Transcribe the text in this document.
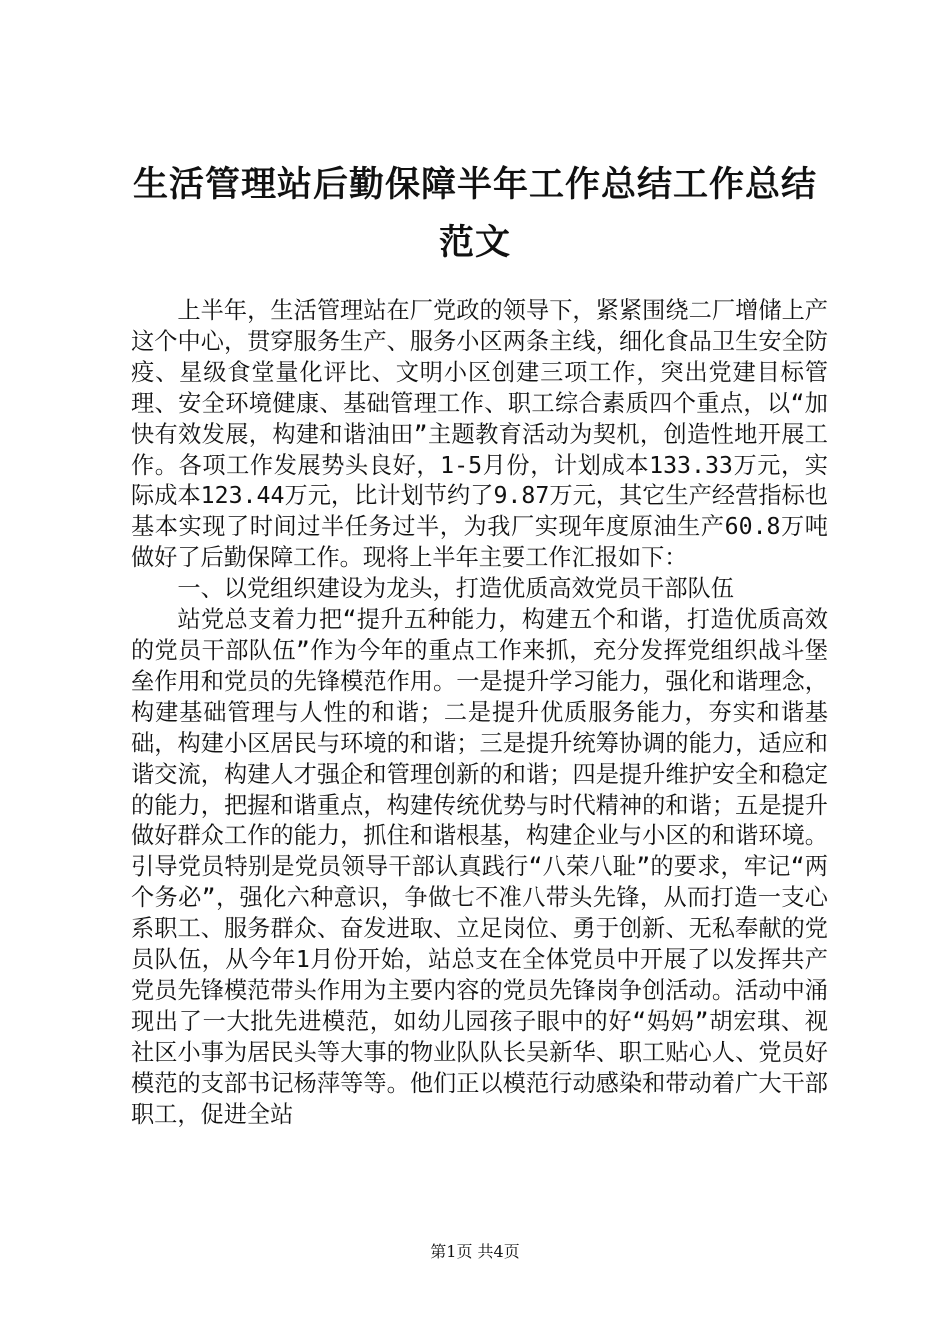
生活管理站后勤保障半年工作总结工作总结范文

上半年，生活管理站在厂党政的领导下，紧紧围绕二厂增储上产这个中心，贯穿服务生产、服务小区两条主线，细化食品卫生安全防疫、星级食堂量化评比、文明小区创建三项工作，突出党建目标管理、安全环境健康、基础管理工作、职工综合素质四个重点，以“加快有效发展，构建和谐油田”主题教育活动为契机，创造性地开展工作。各项工作发展势头良好，1-5月份，计划成本133.33万元，实际成本123.44万元，比计划节约了9.87万元，其它生产经营指标也基本实现了时间过半任务过半，为我厂实现年度原油生产60.8万吨做好了后勤保障工作。现将上半年主要工作汇报如下：

一、以党组织建设为龙头，打造优质高效党员干部队伍

站党总支着力把“提升五种能力，构建五个和谐，打造优质高效的党员干部队伍”作为今年的重点工作来抓，充分发挥党组织战斗堡垒作用和党员的先锋模范作用。一是提升学习能力，强化和谐理念，构建基础管理与人性的和谐；二是提升优质服务能力，夯实和谐基础，构建小区居民与环境的和谐；三是提升统筹协调的能力，适应和谐交流，构建人才强企和管理创新的和谐；四是提升维护安全和稳定的能力，把握和谐重点，构建传统优势与时代精神的和谐；五是提升做好群众工作的能力，抓住和谐根基，构建企业与小区的和谐环境。引导党员特别是党员领导干部认真践行“八荣八耻”的要求，牢记“两个务必”，强化六种意识，争做七不准八带头先锋，从而打造一支心系职工、服务群众、奋发进取、立足岗位、勇于创新、无私奉献的党员队伍，从今年1月份开始，站总支在全体党员中开展了以发挥共产党员先锋模范带头作用为主要内容的党员先锋岗争创活动。活动中涌现出了一大批先进模范，如幼儿园孩子眼中的好“妈妈”胡宏琪、视社区小事为居民头等大事的物业队队长吴新华、职工贴心人、党员好模范的支部书记杨萍等等。他们正以模范行动感染和带动着广大干部职工，促进全站

第1页 共4页
